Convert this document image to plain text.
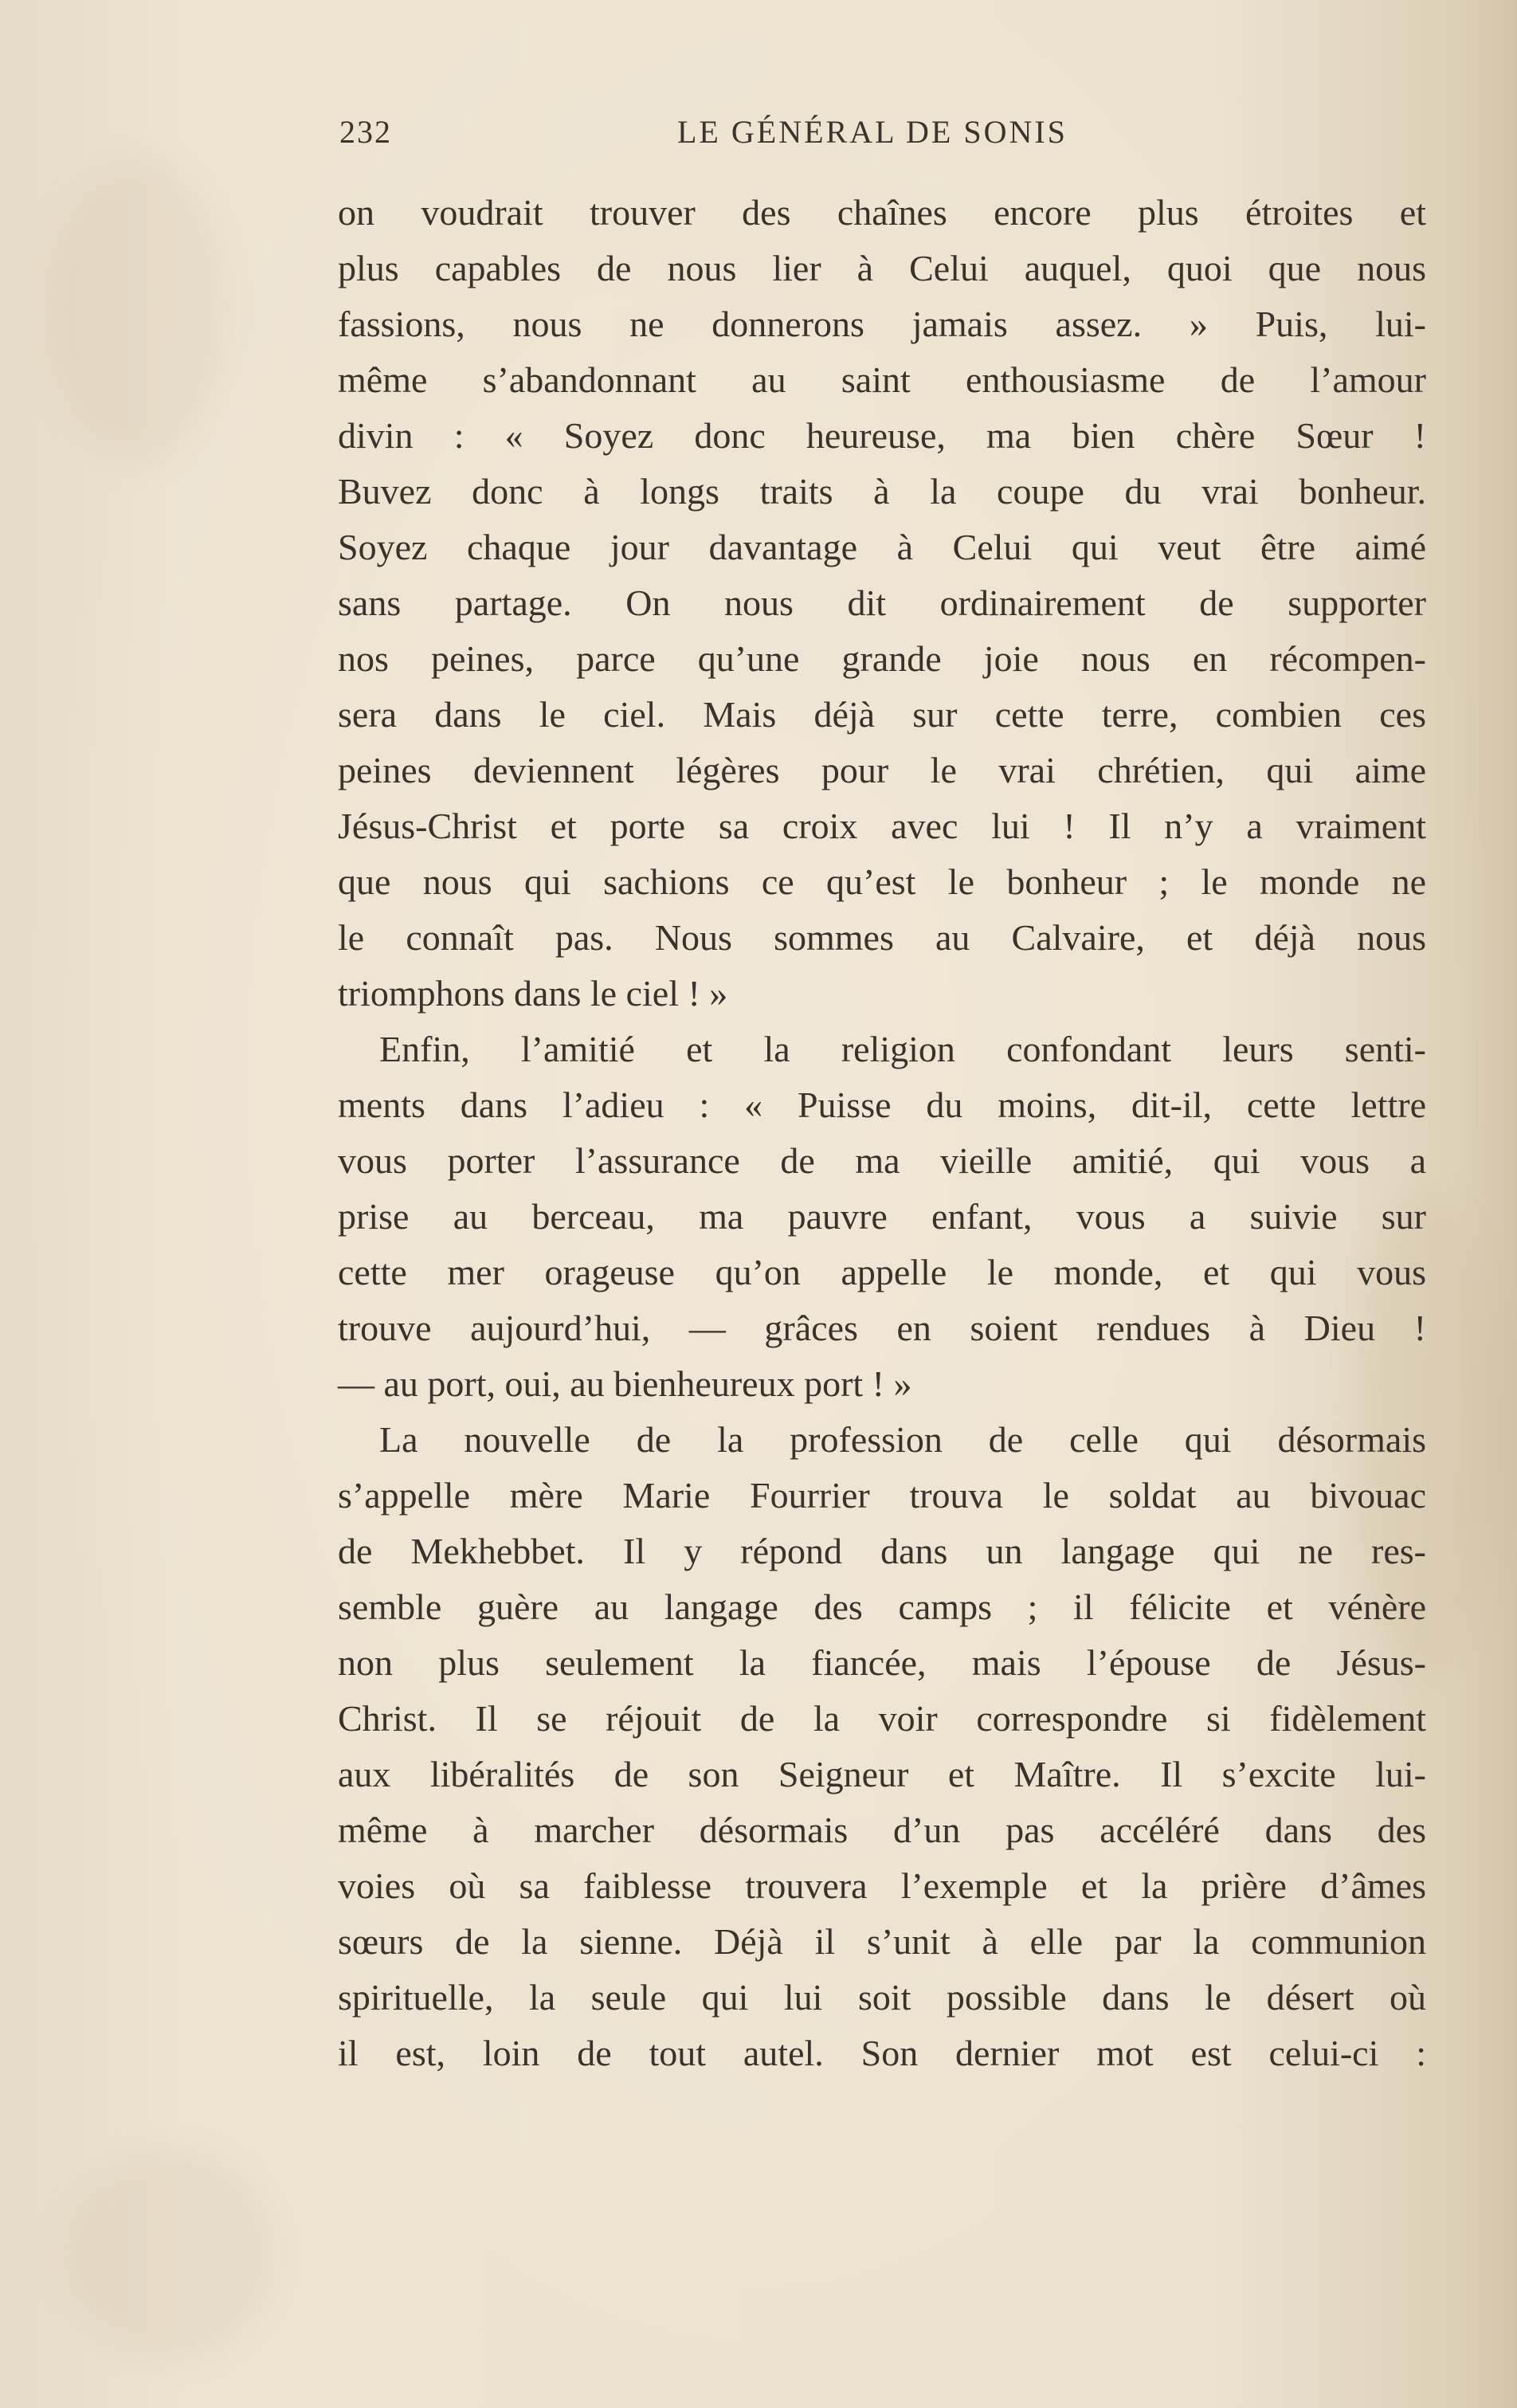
232	LE GÉNÉRAL DE SONIS
on voudrait trouver des chaînes encore plus étroites et
plus capables de nous lier à Celui auquel, quoi que nous
fassions, nous ne donnerons jamais assez. » Puis, lui-
même s’abandonnant au saint enthousiasme de l’amour
divin : « Soyez donc heureuse, ma bien chère Sœur !
Buvez donc à longs traits à la coupe du vrai bonheur.
Soyez chaque jour davantage à Celui qui veut être aimé
sans partage. On nous dit ordinairement de supporter
nos peines, parce qu’une grande joie nous en récompen-
sera dans le ciel. Mais déjà sur cette terre, combien ces
peines deviennent légères pour le vrai chrétien, qui aime
Jésus-Christ et porte sa croix avec lui ! Il n’y a vraiment
que nous qui sachions ce qu’est le bonheur ; le monde ne
le connaît pas. Nous sommes au Calvaire, et déjà nous
triomphons dans le ciel ! »
Enfin, l’amitié et la religion confondant leurs senti-
ments dans l’adieu : « Puisse du moins, dit-il, cette lettre
vous porter l’assurance de ma vieille amitié, qui vous a
prise au berceau, ma pauvre enfant, vous a suivie sur
cette mer orageuse qu’on appelle le monde, et qui vous
trouve aujourd’hui, — grâces en soient rendues à Dieu !
— au port, oui, au bienheureux port ! »
La nouvelle de la profession de celle qui désormais
s’appelle mère Marie Fourrier trouva le soldat au bivouac
de Mekhebbet. Il y répond dans un langage qui ne res-
semble guère au langage des camps ; il félicite et vénère
non plus seulement la fiancée, mais l’épouse de Jésus-
Christ. Il se réjouit de la voir correspondre si fidèlement
aux libéralités de son Seigneur et Maître. Il s’excite lui-
même à marcher désormais d’un pas accéléré dans des
voies où sa faiblesse trouvera l’exemple et la prière d’âmes
sœurs de la sienne. Déjà il s’unit à elle par la communion
spirituelle, la seule qui lui soit possible dans le désert où
il est, loin de tout autel. Son dernier mot est celui-ci :
